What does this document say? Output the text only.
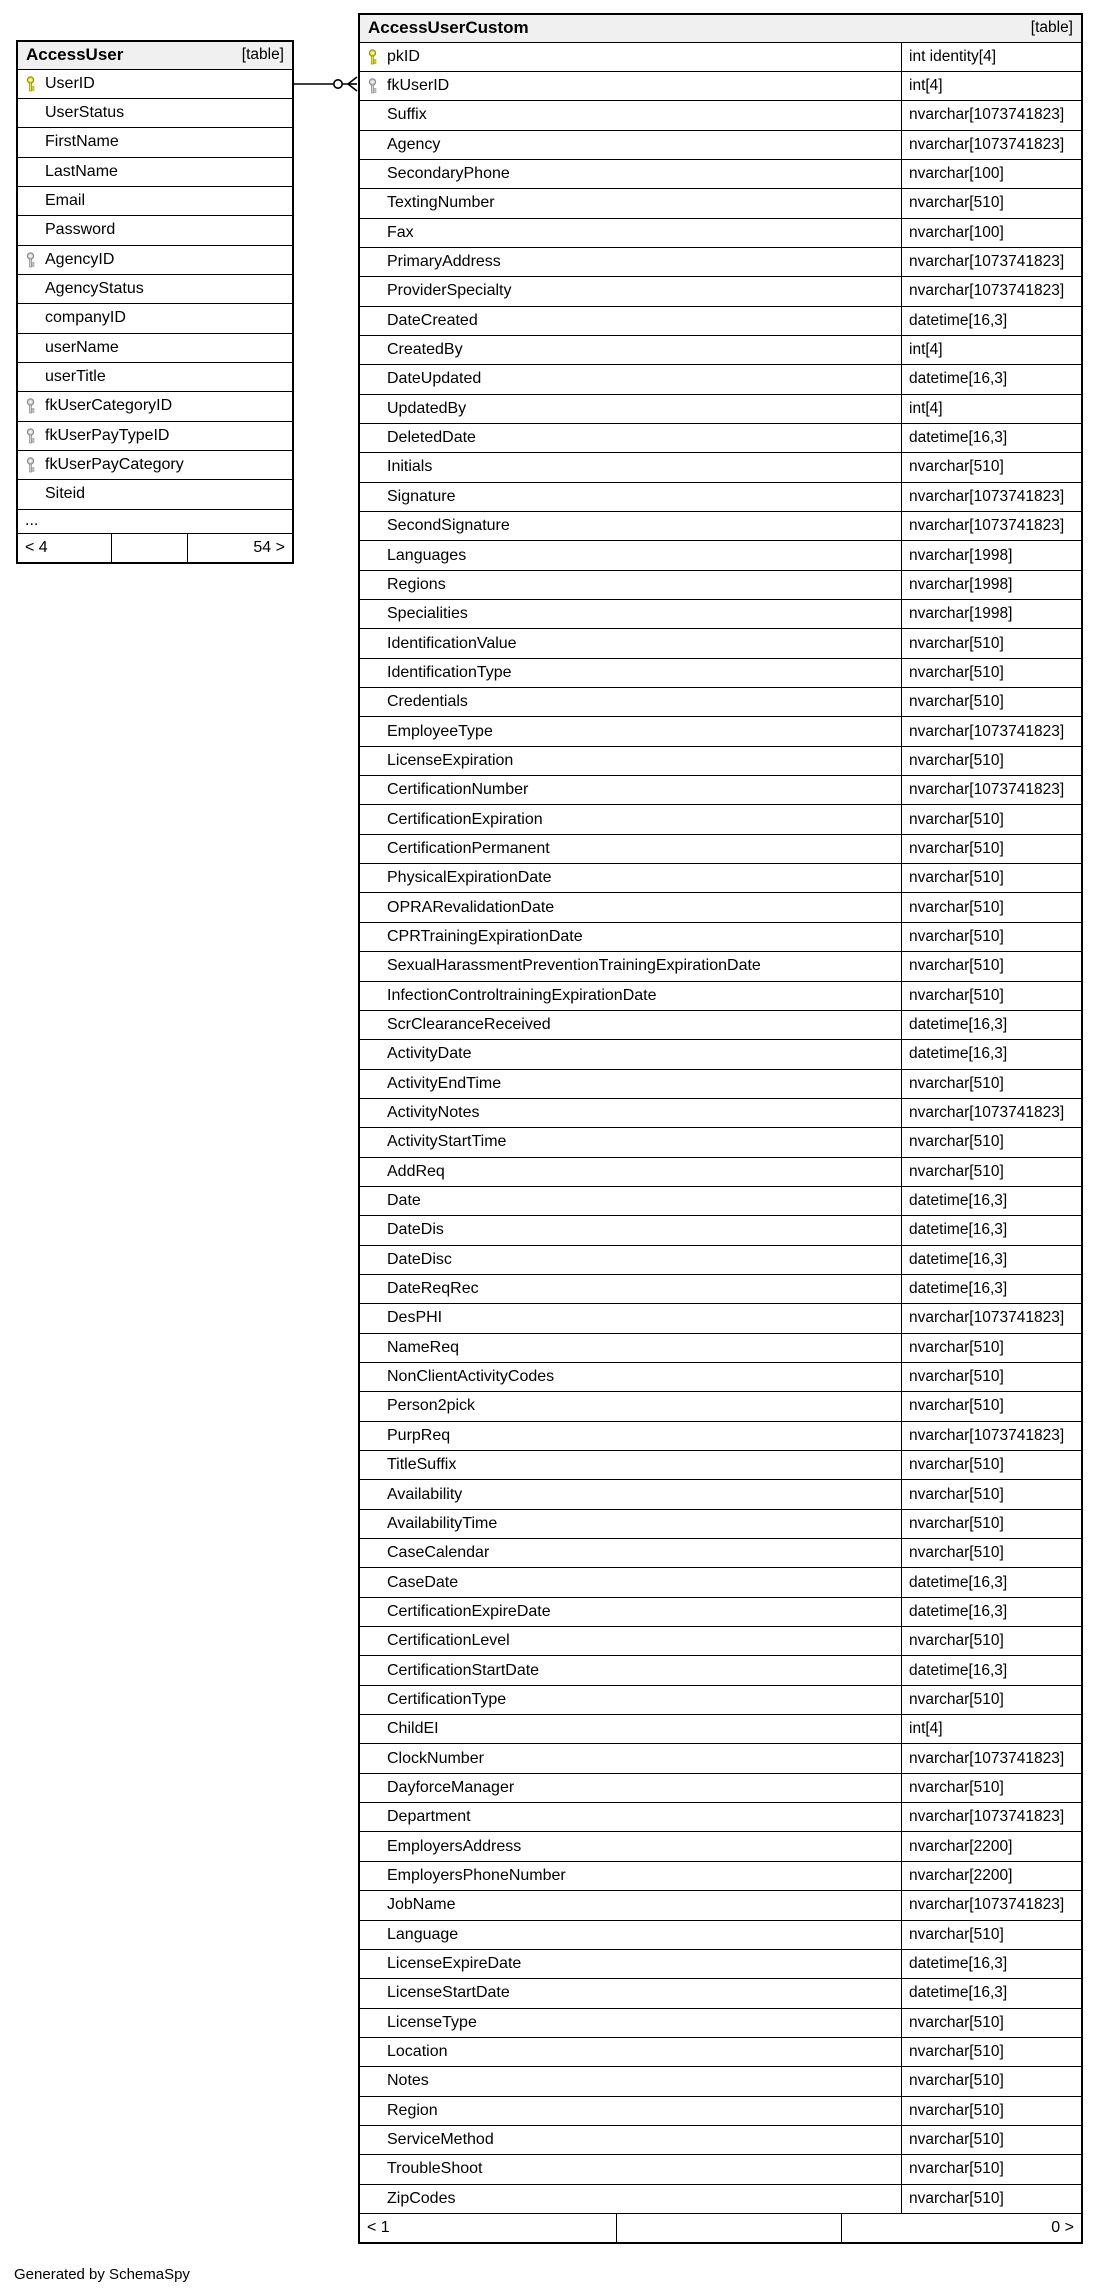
AccessUser	[table]
UserID
UserStatus
FirstName
LastName
Email
Password
AgencyID
AgencyStatus
companyID
userName
userTitle
fkUserCategoryID
fkUserPayTypeID
fkUserPayCategory
Siteid
...
< 4	54 >
AccessUserCustom	[table]
pkID	int identity[4]
fkUserID	int[4]
Suffix	nvarchar[1073741823]
Agency	nvarchar[1073741823]
SecondaryPhone	nvarchar[100]
TextingNumber	nvarchar[510]
Fax	nvarchar[100]
PrimaryAddress	nvarchar[1073741823]
ProviderSpecialty	nvarchar[1073741823]
DateCreated	datetime[16,3]
CreatedBy	int[4]
DateUpdated	datetime[16,3]
UpdatedBy	int[4]
DeletedDate	datetime[16,3]
Initials	nvarchar[510]
Signature	nvarchar[1073741823]
SecondSignature	nvarchar[1073741823]
Languages	nvarchar[1998]
Regions	nvarchar[1998]
Specialities	nvarchar[1998]
IdentificationValue	nvarchar[510]
IdentificationType	nvarchar[510]
Credentials	nvarchar[510]
EmployeeType	nvarchar[1073741823]
LicenseExpiration	nvarchar[510]
CertificationNumber	nvarchar[1073741823]
CertificationExpiration	nvarchar[510]
CertificationPermanent	nvarchar[510]
PhysicalExpirationDate	nvarchar[510]
OPRARevalidationDate	nvarchar[510]
CPRTrainingExpirationDate	nvarchar[510]
SexualHarassmentPreventionTrainingExpirationDate	nvarchar[510]
InfectionControltrainingExpirationDate	nvarchar[510]
ScrClearanceReceived	datetime[16,3]
ActivityDate	datetime[16,3]
ActivityEndTime	nvarchar[510]
ActivityNotes	nvarchar[1073741823]
ActivityStartTime	nvarchar[510]
AddReq	nvarchar[510]
Date	datetime[16,3]
DateDis	datetime[16,3]
DateDisc	datetime[16,3]
DateReqRec	datetime[16,3]
DesPHI	nvarchar[1073741823]
NameReq	nvarchar[510]
NonClientActivityCodes	nvarchar[510]
Person2pick	nvarchar[510]
PurpReq	nvarchar[1073741823]
TitleSuffix	nvarchar[510]
Availability	nvarchar[510]
AvailabilityTime	nvarchar[510]
CaseCalendar	nvarchar[510]
CaseDate	datetime[16,3]
CertificationExpireDate	datetime[16,3]
CertificationLevel	nvarchar[510]
CertificationStartDate	datetime[16,3]
CertificationType	nvarchar[510]
ChildEI	int[4]
ClockNumber	nvarchar[1073741823]
DayforceManager	nvarchar[510]
Department	nvarchar[1073741823]
EmployersAddress	nvarchar[2200]
EmployersPhoneNumber	nvarchar[2200]
JobName	nvarchar[1073741823]
Language	nvarchar[510]
LicenseExpireDate	datetime[16,3]
LicenseStartDate	datetime[16,3]
LicenseType	nvarchar[510]
Location	nvarchar[510]
Notes	nvarchar[510]
Region	nvarchar[510]
ServiceMethod	nvarchar[510]
TroubleShoot	nvarchar[510]
ZipCodes	nvarchar[510]
< 1	0 >
Generated by SchemaSpy
